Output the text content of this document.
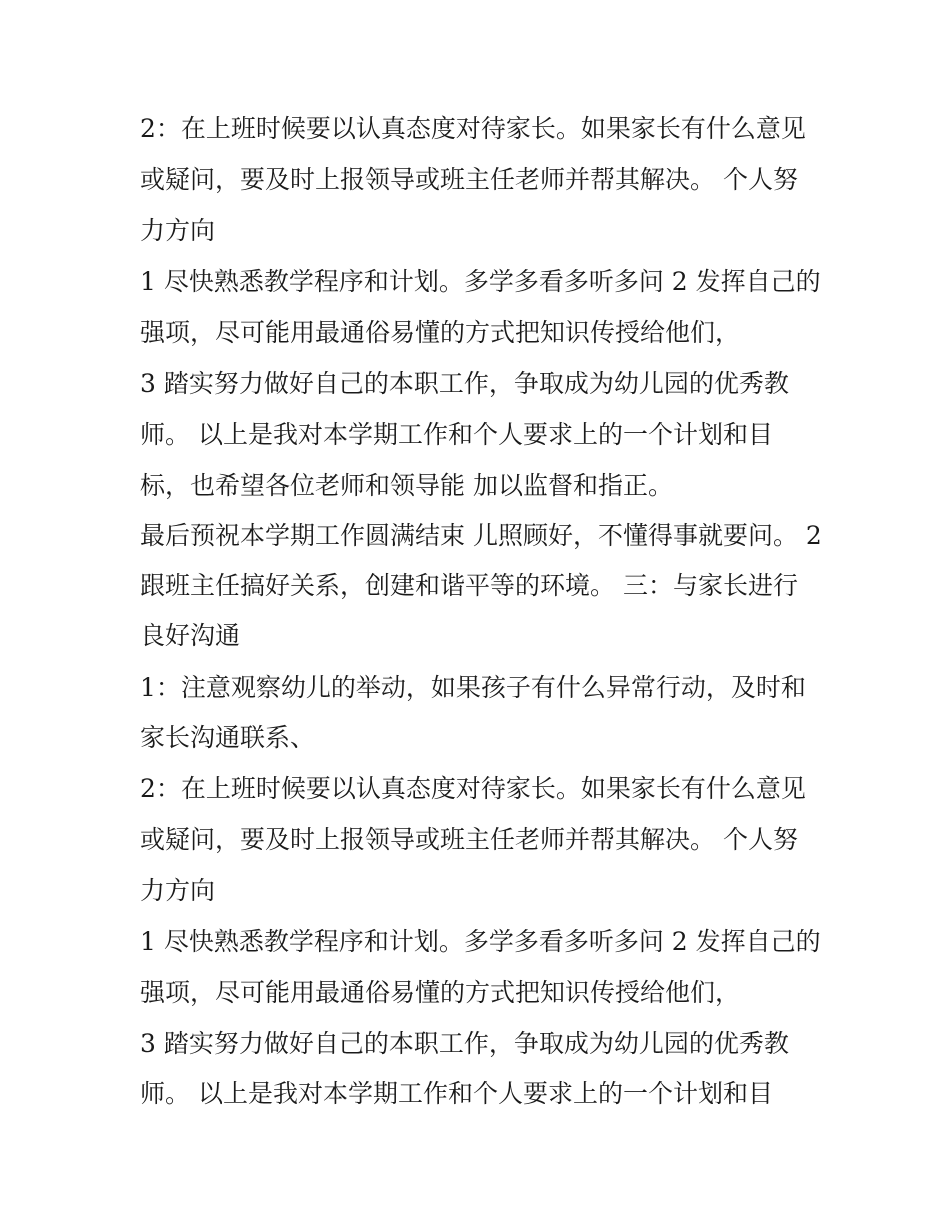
2：在上班时候要以认真态度对待家长。如果家长有什么意见
或疑问，要及时上报领导或班主任老师并帮其解决。 个人努
力方向
1 尽快熟悉教学程序和计划。多学多看多听多问 2 发挥自己的
强项，尽可能用最通俗易懂的方式把知识传授给他们，
3 踏实努力做好自己的本职工作，争取成为幼儿园的优秀教
师。 以上是我对本学期工作和个人要求上的一个计划和目
标，也希望各位老师和领导能 加以监督和指正。
最后预祝本学期工作圆满结束 儿照顾好，不懂得事就要问。 2
跟班主任搞好关系，创建和谐平等的环境。 三：与家长进行
良好沟通
1：注意观察幼儿的举动，如果孩子有什么异常行动，及时和
家长沟通联系、
2：在上班时候要以认真态度对待家长。如果家长有什么意见
或疑问，要及时上报领导或班主任老师并帮其解决。 个人努
力方向
1 尽快熟悉教学程序和计划。多学多看多听多问 2 发挥自己的
强项，尽可能用最通俗易懂的方式把知识传授给他们，
3 踏实努力做好自己的本职工作，争取成为幼儿园的优秀教
师。 以上是我对本学期工作和个人要求上的一个计划和目
